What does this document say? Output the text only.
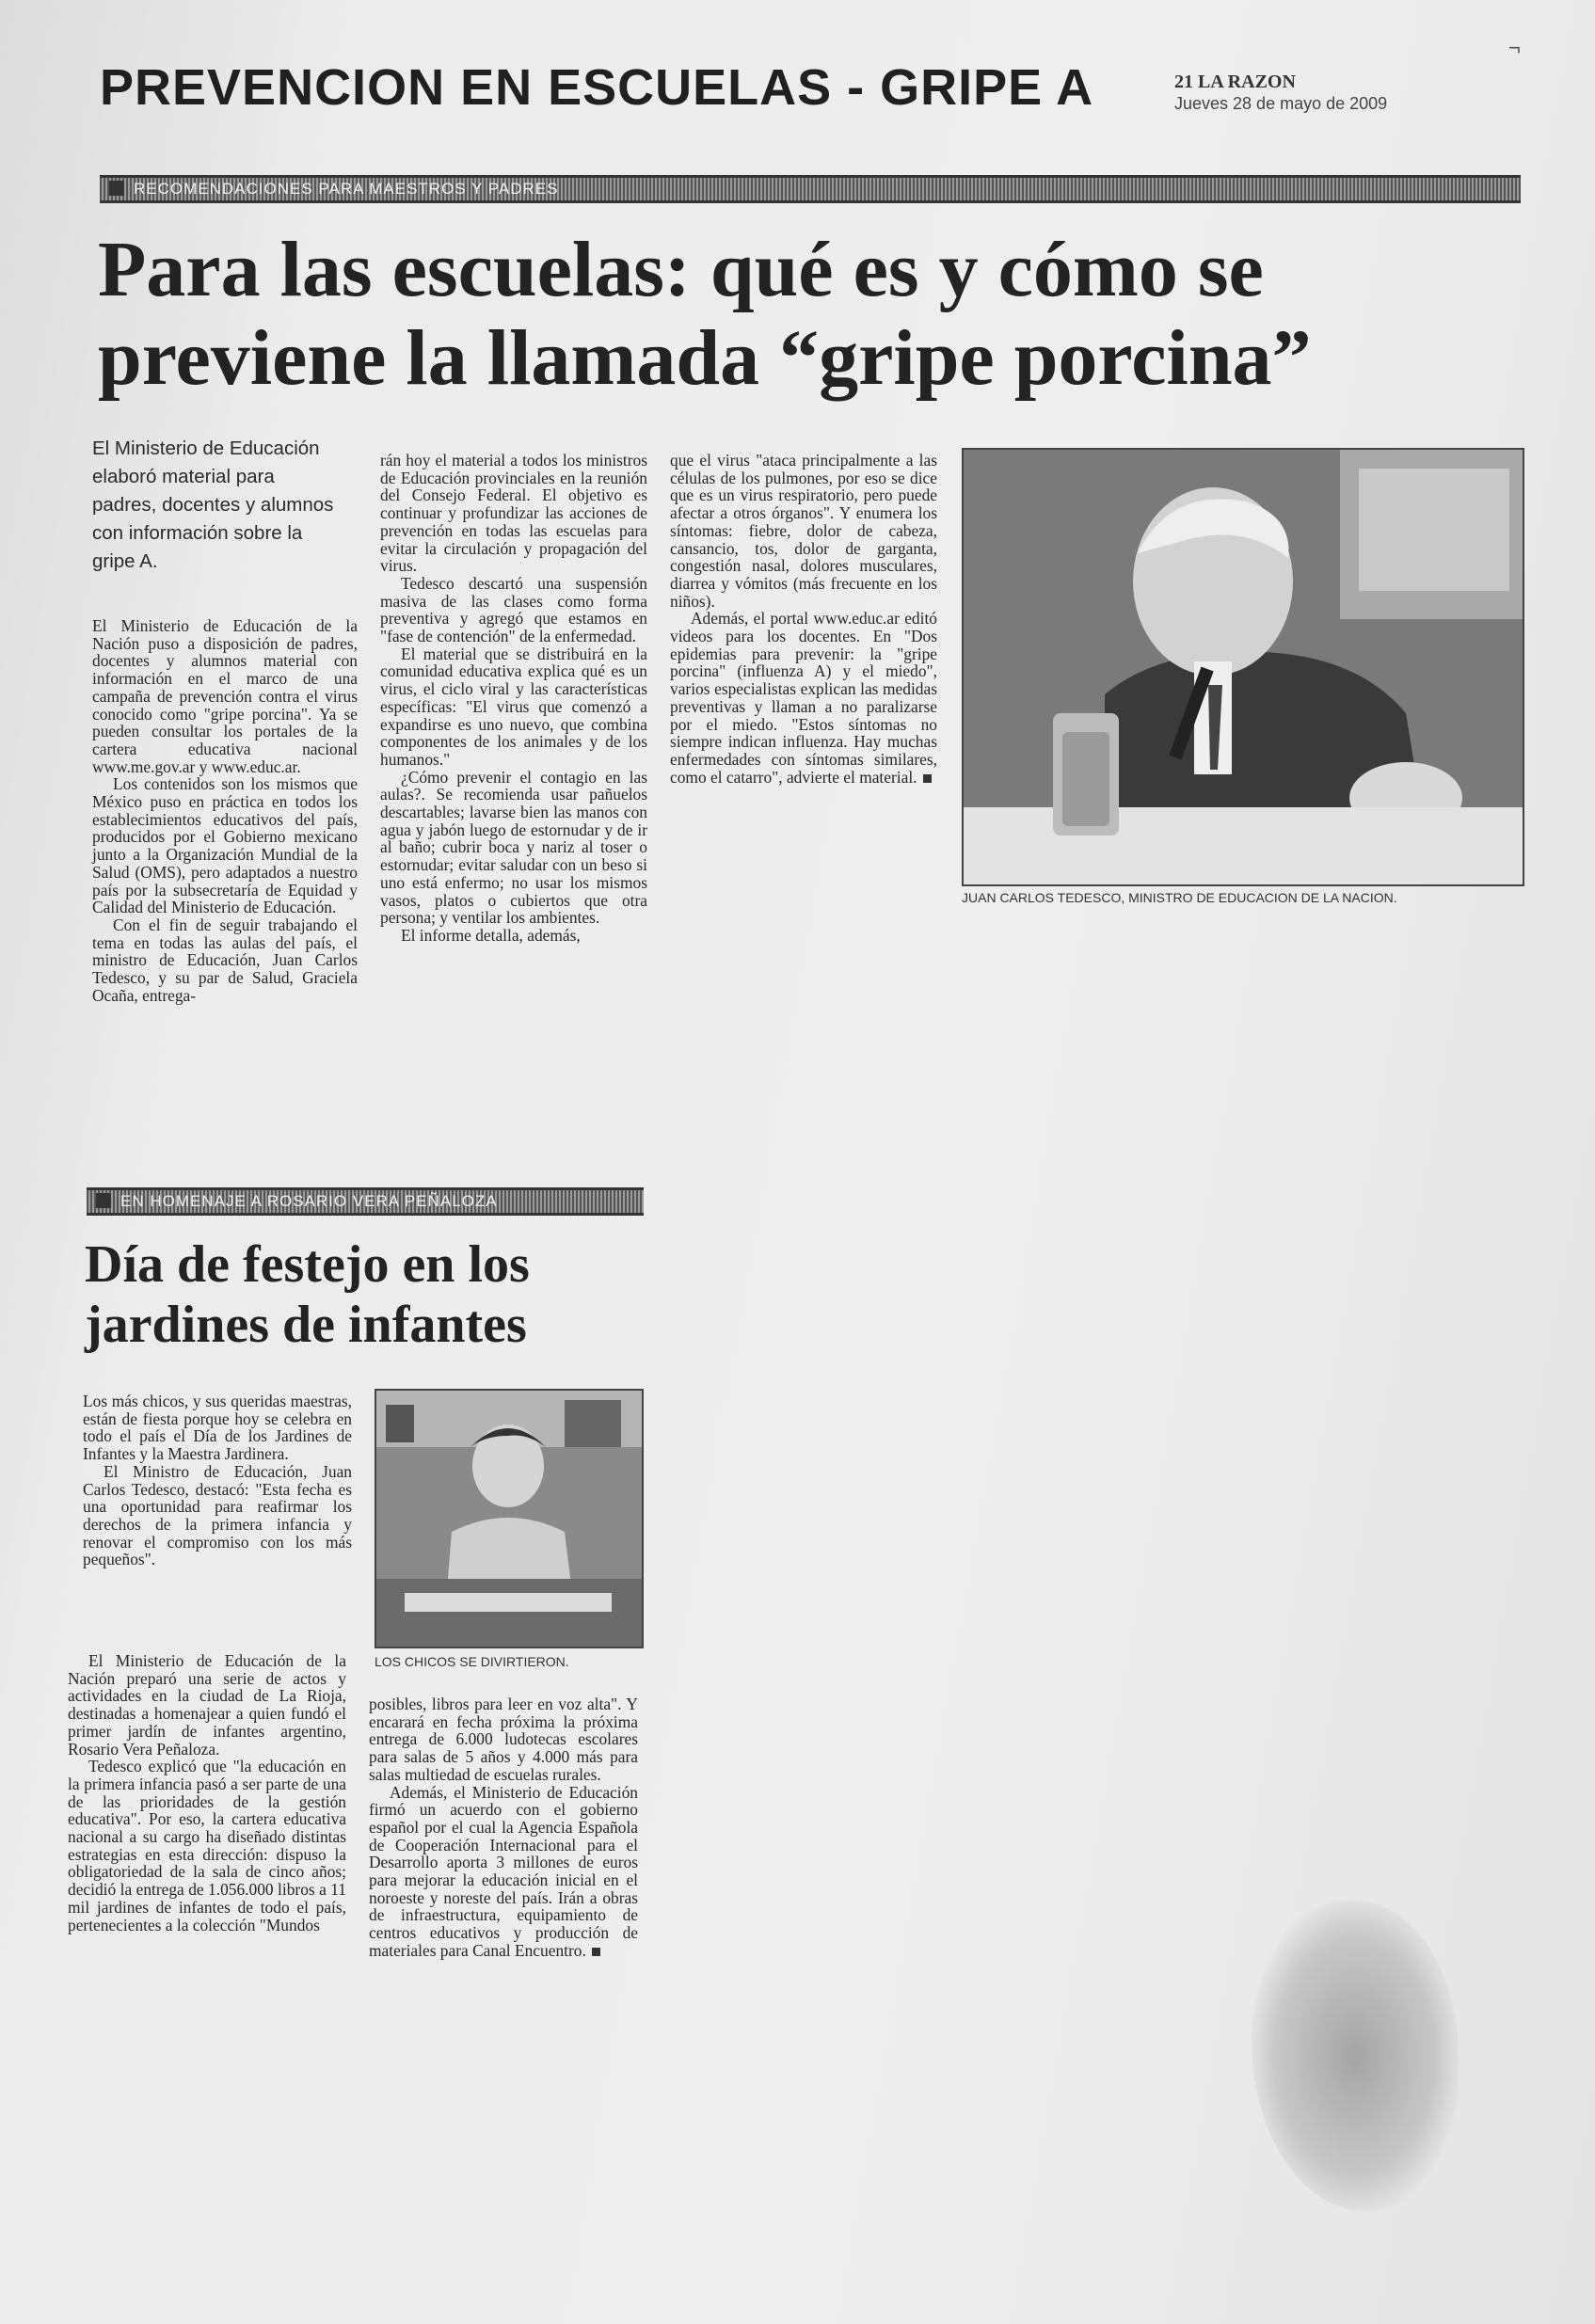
¬
PREVENCION EN ESCUELAS - GRIPE A	21 LA RAZON
Jueves 28 de mayo de 2009
RECOMENDACIONES PARA MAESTROS Y PADRES
Para las escuelas: qué es y cómo se previene la llamada “gripe porcina”

El Ministerio de Educación elaboró material para padres, docentes y alumnos con información sobre la gripe A.

El Ministerio de Educación de la Nación puso a disposición de padres, docentes y alumnos material con información en el marco de una campaña de prevención contra el virus conocido como "gripe porcina". Ya se pueden consultar los portales de la cartera educativa nacional www.me.gov.ar y www.educ.ar.

Los contenidos son los mismos que México puso en práctica en todos los establecimientos educativos del país, producidos por el Gobierno mexicano junto a la Organización Mundial de la Salud (OMS), pero adaptados a nuestro país por la subsecretaría de Equidad y Calidad del Ministerio de Educación.

Con el fin de seguir trabajando el tema en todas las aulas del país, el ministro de Educación, Juan Carlos Tedesco, y su par de Salud, Graciela Ocaña, entrega-

rán hoy el material a todos los ministros de Educación provinciales en la reunión del Consejo Federal. El objetivo es continuar y profundizar las acciones de prevención en todas las escuelas para evitar la circulación y propagación del virus.

Tedesco descartó una suspensión masiva de las clases como forma preventiva y agregó que estamos en "fase de contención" de la enfermedad.

El material que se distribuirá en la comunidad educativa explica qué es un virus, el ciclo viral y las características específicas: "El virus que comenzó a expandirse es uno nuevo, que combina componentes de los animales y de los humanos."

¿Cómo prevenir el contagio en las aulas?. Se recomienda usar pañuelos descartables; lavarse bien las manos con agua y jabón luego de estornudar y de ir al baño; cubrir boca y nariz al toser o estornudar; evitar saludar con un beso si uno está enfermo; no usar los mismos vasos, platos o cubiertos que otra persona; y ventilar los ambientes.

El informe detalla, además,

que el virus "ataca principalmente a las células de los pulmones, por eso se dice que es un virus respiratorio, pero puede afectar a otros órganos". Y enumera los síntomas: fiebre, dolor de cabeza, cansancio, tos, dolor de garganta, congestión nasal, dolores musculares, diarrea y vómitos (más frecuente en los niños).

Además, el portal www.educ.ar editó videos para los docentes. En "Dos epidemias para prevenir: la "gripe porcina" (influenza A) y el miedo", varios especialistas explican las medidas preventivas y llaman a no paralizarse por el miedo. "Estos síntomas no siempre indican influenza. Hay muchas enfermedades con síntomas similares, como el catarro", advierte el material.

JUAN CARLOS TEDESCO, MINISTRO DE EDUCACION DE LA NACION.

EN HOMENAJE A ROSARIO VERA PEÑALOZA
Día de festejo en los jardines de infantes

Los más chicos, y sus queridas maestras, están de fiesta porque hoy se celebra en todo el país el Día de los Jardines de Infantes y la Maestra Jardinera.

El Ministro de Educación, Juan Carlos Tedesco, destacó: "Esta fecha es una oportunidad para reafirmar los derechos de la primera infancia y renovar el compromiso con los más pequeños".

LOS CHICOS SE DIVIRTIERON.

El Ministerio de Educación de la Nación preparó una serie de actos y actividades en la ciudad de La Rioja, destinadas a homenajear a quien fundó el primer jardín de infantes argentino, Rosario Vera Peñaloza.

Tedesco explicó que "la educación en la primera infancia pasó a ser parte de una de las prioridades de la gestión educativa". Por eso, la cartera educativa nacional a su cargo ha diseñado distintas estrategias en esta dirección: dispuso la obligatoriedad de la sala de cinco años; decidió la entrega de 1.056.000 libros a 11 mil jardines de infantes de todo el país, pertenecientes a la colección "Mundos

posibles, libros para leer en voz alta". Y encarará en fecha próxima la próxima entrega de 6.000 ludotecas escolares para salas de 5 años y 4.000 más para salas multiedad de escuelas rurales.

Además, el Ministerio de Educación firmó un acuerdo con el gobierno español por el cual la Agencia Española de Cooperación Internacional para el Desarrollo aporta 3 millones de euros para mejorar la educación inicial en el noroeste y noreste del país. Irán a obras de infraestructura, equipamiento de centros educativos y producción de materiales para Canal Encuentro.
